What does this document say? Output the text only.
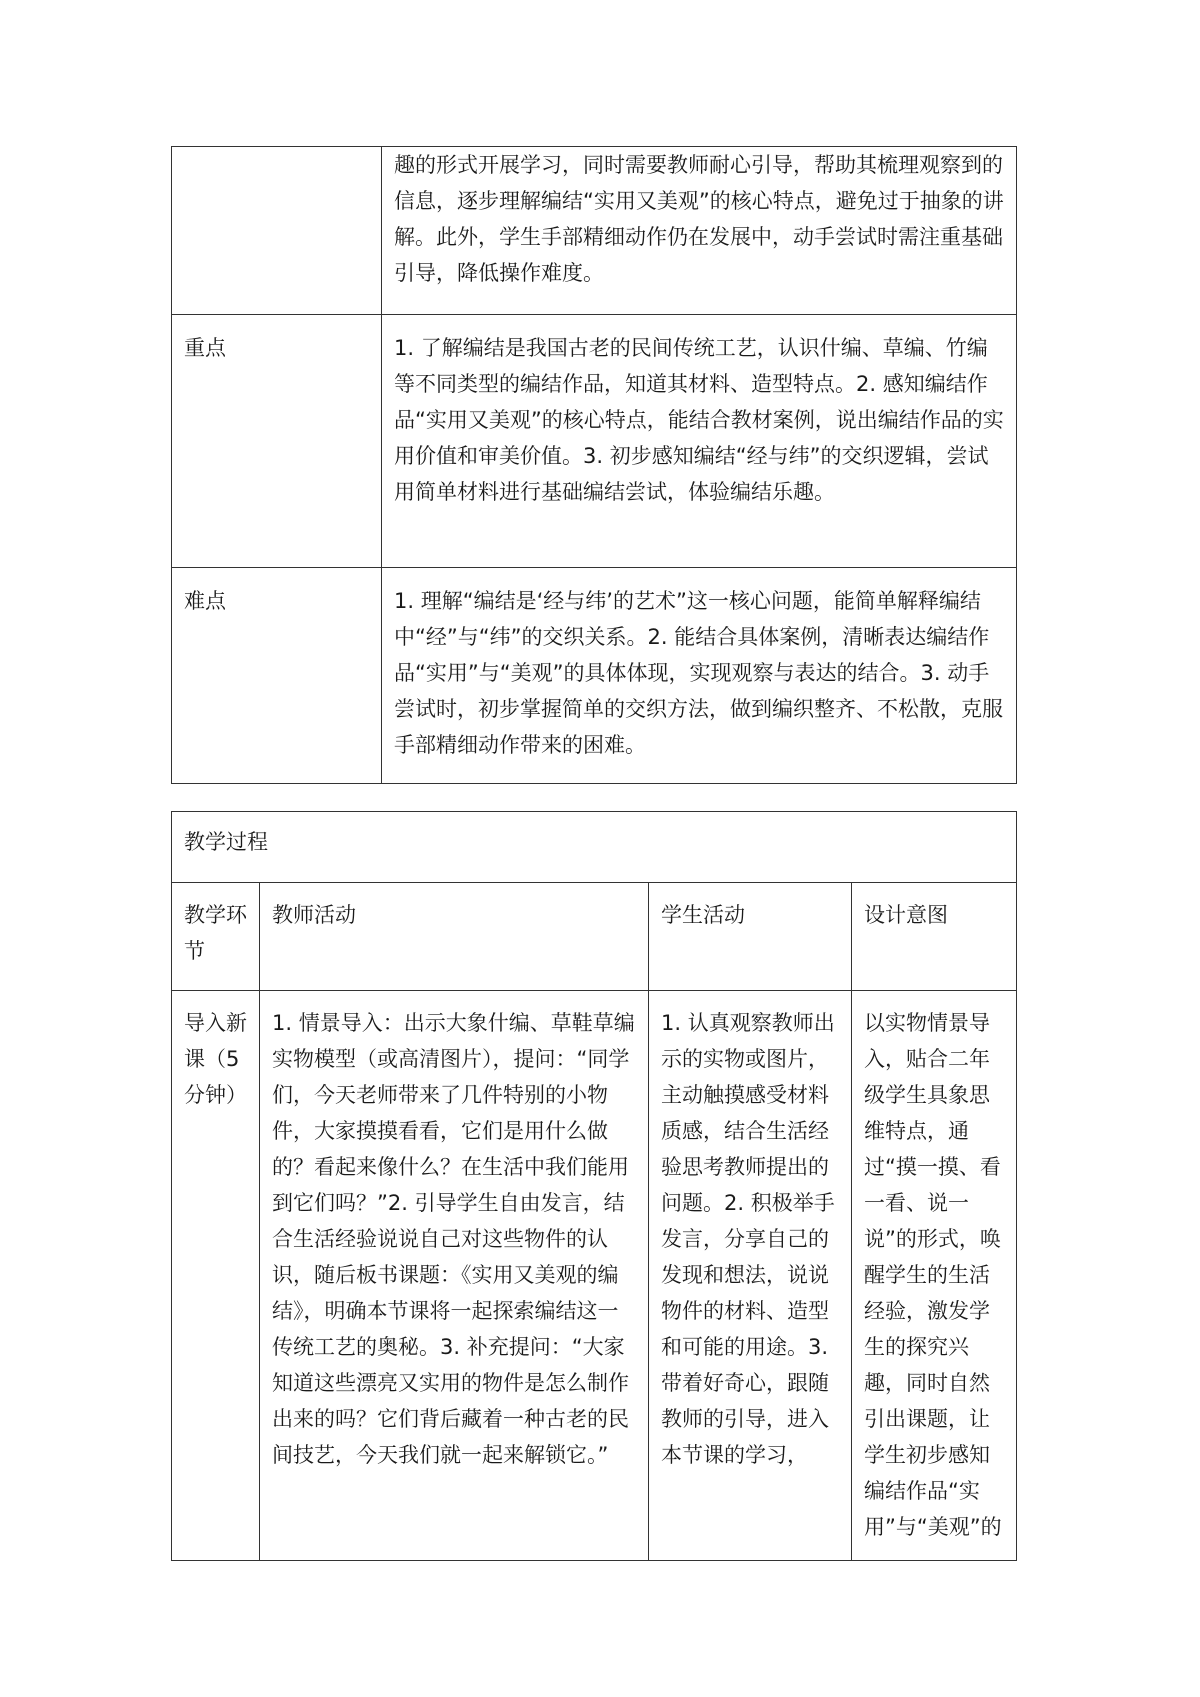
	趣的形式开展学习，同时需要教师耐心引导，帮助其梳理观察到的信息，逐步理解编结“实用又美观”的核心特点，避免过于抽象的讲解。此外，学生手部精细动作仍在发展中，动手尝试时需注重基础引导，降低操作难度。

重点	1. 了解编结是我国古老的民间传统工艺，认识什编、草编、竹编等不同类型的编结作品，知道其材料、造型特点。2. 感知编结作品“实用又美观”的核心特点，能结合教材案例，说出编结作品的实用价值和审美价值。3. 初步感知编结“经与纬”的交织逻辑，尝试用简单材料进行基础编结尝试，体验编结乐趣。

难点	1. 理解“编结是‘经与纬’的艺术”这一核心问题，能简单解释编结中“经”与“纬”的交织关系。2. 能结合具体案例，清晰表达编结作品“实用”与“美观”的具体体现，实现观察与表达的结合。3. 动手尝试时，初步掌握简单的交织方法，做到编织整齐、不松散，克服手部精细动作带来的困难。
教学过程			

教学环节	教师活动	学生活动	设计意图

导入新课（5分钟）	1. 情景导入：出示大象什编、草鞋草编实物模型（或高清图片），提问：“同学们，今天老师带来了几件特别的小物件，大家摸摸看看，它们是用什么做的？看起来像什么？在生活中我们能用到它们吗？”2. 引导学生自由发言，结合生活经验说说自己对这些物件的认识，随后板书课题：《实用又美观的编结》，明确本节课将一起探索编结这一传统工艺的奥秘。3. 补充提问：“大家知道这些漂亮又实用的物件是怎么制作出来的吗？它们背后藏着一种古老的民间技艺，今天我们就一起来解锁它。”	1. 认真观察教师出示的实物或图片，主动触摸感受材料质感，结合生活经验思考教师提出的问题。2. 积极举手发言，分享自己的发现和想法，说说物件的材料、造型和可能的用途。3. 带着好奇心，跟随教师的引导，进入本节课的学习，	以实物情景导入，贴合二年级学生具象思维特点，通过“摸一摸、看一看、说一说”的形式，唤醒学生的生活经验，激发学生的探究兴趣，同时自然引出课题，让学生初步感知编结作品“实用”与“美观”的
